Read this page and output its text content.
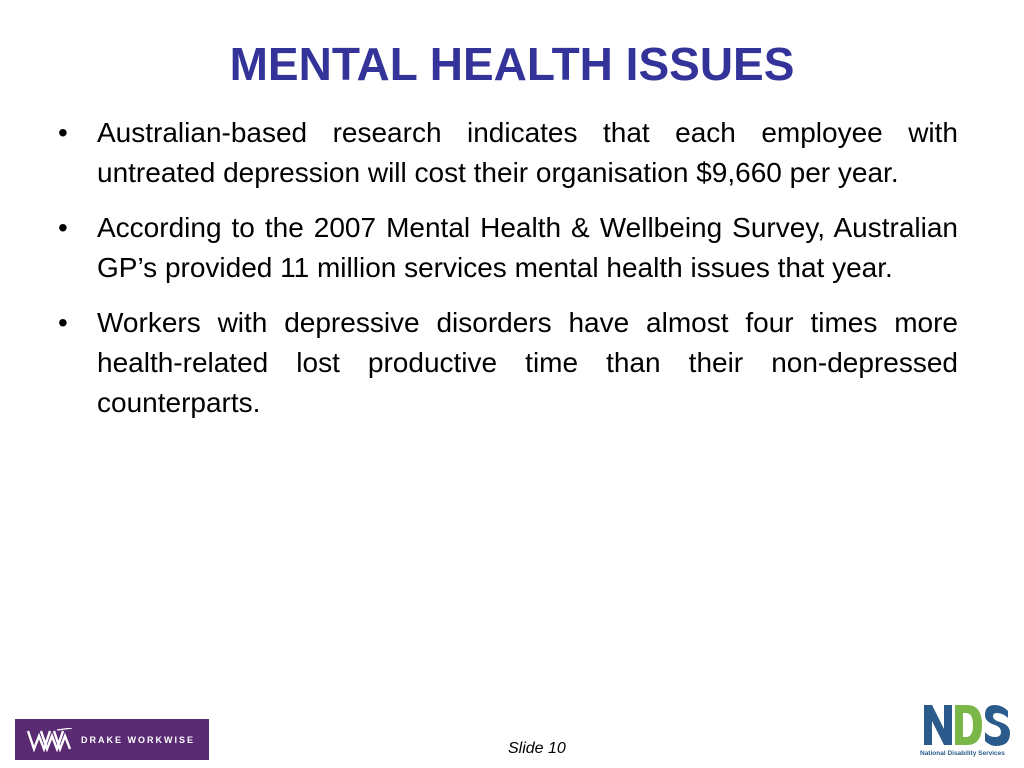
MENTAL HEALTH ISSUES
•	Australian-based research indicates that each employee with untreated depression will cost their organisation $9,660 per year.
•	According to the 2007 Mental Health & Wellbeing Survey, Australian GP’s provided 11 million services mental health issues that year.
•	Workers with depressive disorders have almost four times more health-related lost productive time than their non-depressed counterparts.
DRAKE WORKWISE
Slide 10	National Disability Services
